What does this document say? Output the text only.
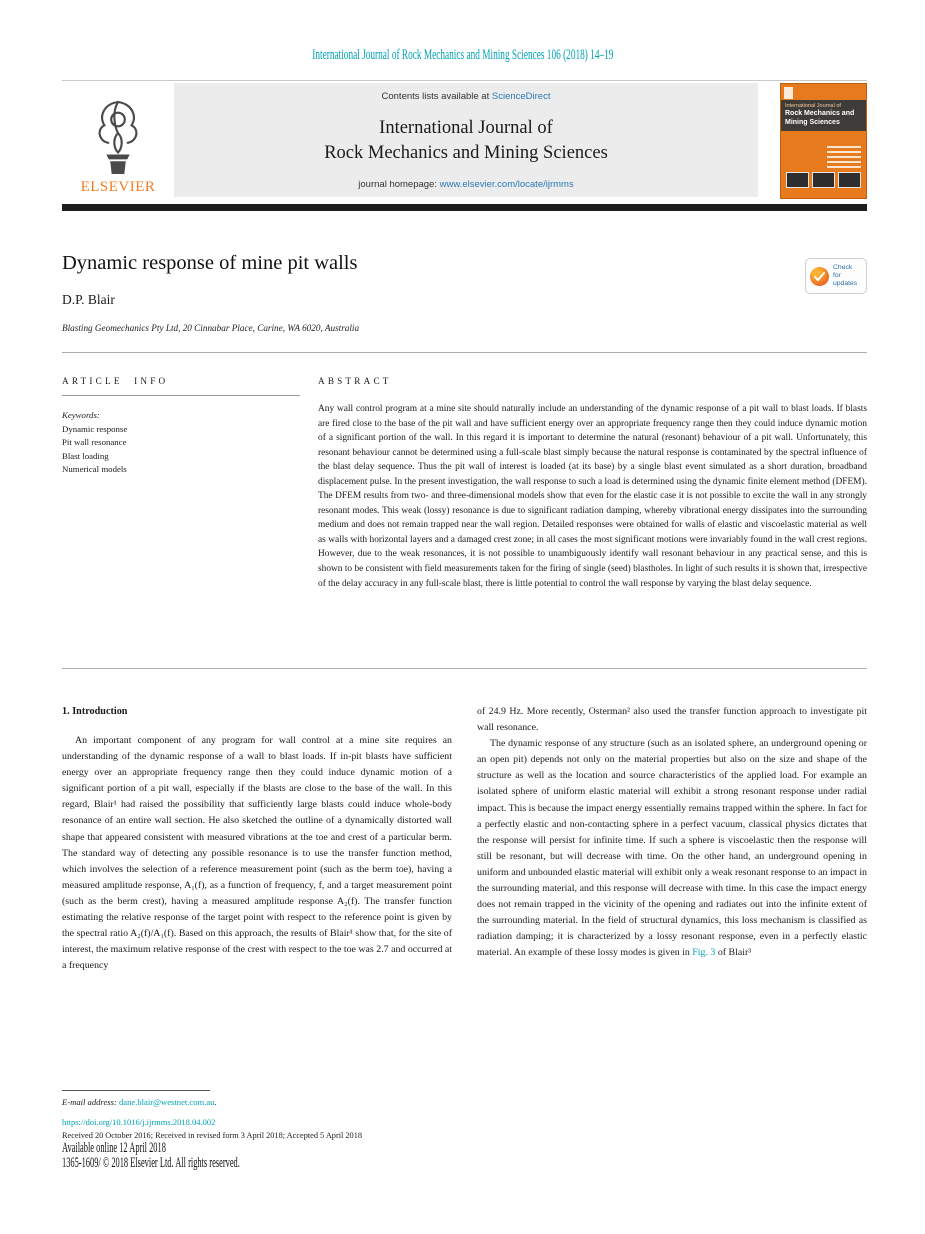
International Journal of Rock Mechanics and Mining Sciences 106 (2018) 14–19
ELSEVIER
Contents lists available at ScienceDirect
International Journal of
Rock Mechanics and Mining Sciences
journal homepage: www.elsevier.com/locate/ijrmms
International Journal of
Rock Mechanics and
Mining Sciences
Dynamic response of mine pit walls	Check for
updates
D.P. Blair
Blasting Geomechanics Pty Ltd, 20 Cinnabar Place, Carine, WA 6020, Australia
ARTICLE INFO
Keywords:
Dynamic response
Pit wall resonance
Blast loading
Numerical models
ABSTRACT

Any wall control program at a mine site should naturally include an understanding of the dynamic response of a pit wall to blast loads. If blasts are fired close to the base of the pit wall and have sufficient energy over an appropriate frequency range then they could induce dynamic motion of a significant portion of the wall. In this regard it is important to determine the natural (resonant) behaviour of a pit wall. Unfortunately, this resonant behaviour cannot be determined using a full-scale blast simply because the natural response is contaminated by the spectral influence of the blast delay sequence. Thus the pit wall of interest is loaded (at its base) by a single blast event simulated as a short duration, broadband displacement pulse. In the present investigation, the wall response to such a load is determined using the dynamic finite element method (DFEM). The DFEM results from two- and three-dimensional models show that even for the elastic case it is not possible to excite the wall in any strongly resonant modes. This weak (lossy) resonance is due to significant radiation damping, whereby vibrational energy dissipates into the surrounding medium and does not remain trapped near the wall region. Detailed responses were obtained for walls of elastic and viscoelastic material as well as walls with horizontal layers and a damaged crest zone; in all cases the most significant motions were invariably found in the wall crest regions. However, due to the weak resonances, it is not possible to unambiguously identify wall resonant behaviour in any practical sense, and this is shown to be consistent with field measurements taken for the firing of single (seed) blastholes. In light of such results it is shown that, irrespective of the delay accuracy in any full-scale blast, there is little potential to control the wall response by varying the blast delay sequence.

1. Introduction

An important component of any program for wall control at a mine site requires an understanding of the dynamic response of a wall to blast loads. If in-pit blasts have sufficient energy over an appropriate frequency range then they could induce dynamic motion of a significant portion of a pit wall, especially if the blasts are close to the base of the wall. In this regard, Blair¹ had raised the possibility that sufficiently large blasts could induce whole-body resonance of an entire wall section. He also sketched the outline of a dynamically distorted wall shape that appeared consistent with measured vibrations at the toe and crest of a particular berm. The standard way of detecting any possible resonance is to use the transfer function method, which involves the selection of a reference measurement point (such as the berm toe), having a measured amplitude response, A₁(f), as a function of frequency, f, and a target measurement point (such as the berm crest), having a measured amplitude response A₂(f). The transfer function estimating the relative response of the target point with respect to the reference point is given by the spectral ratio A₂(f)/A₁(f). Based on this approach, the results of Blair¹ show that, for the site of interest, the maximum relative response of the crest with respect to the toe was 2.7 and occurred at a frequency

of 24.9 Hz. More recently, Osterman² also used the transfer function approach to investigate pit wall resonance.

The dynamic response of any structure (such as an isolated sphere, an underground opening or an open pit) depends not only on the material properties but also on the size and shape of the structure as well as the location and source characteristics of the applied load. For example an isolated sphere of uniform elastic material will exhibit a strong resonant response under radial impact. This is because the impact energy essentially remains trapped within the sphere. In fact for a perfectly elastic and non-contacting sphere in a perfect vacuum, classical physics dictates that the response will persist for infinite time. If such a sphere is viscoelastic then the response will still be resonant, but will decrease with time. On the other hand, an underground opening in uniform and unbounded elastic material will exhibit only a weak resonant response to an impact in the surrounding material, and this response will decrease with time. In this case the impact energy does not remain trapped in the vicinity of the opening and radiates out into the infinite extent of the surrounding material. In the field of structural dynamics, this loss mechanism is classified as radiation damping; it is characterized by a lossy resonant response, even in a perfectly elastic material. An example of these lossy modes is given in Fig. 3 of Blair³

E-mail address: dane.blair@westnet.com.au.

https://doi.org/10.1016/j.ijrmms.2018.04.002
Received 20 October 2016; Received in revised form 3 April 2018; Accepted 5 April 2018
Available online 12 April 2018
1365-1609/ © 2018 Elsevier Ltd. All rights reserved.
